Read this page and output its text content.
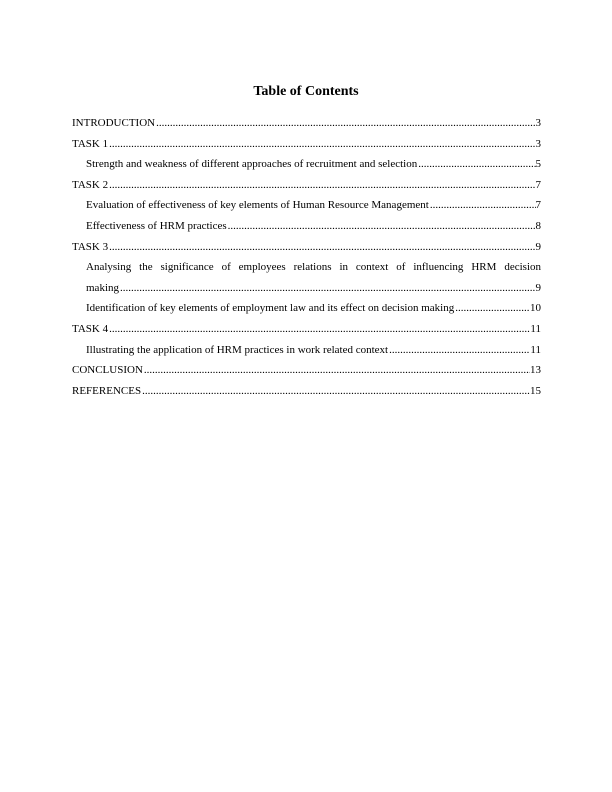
Table of Contents
INTRODUCTION .....	3
TASK 1 .....	3
Strength and weakness of different approaches of recruitment and selection .....	5
TASK 2 .....	7
Evaluation of effectiveness of key elements of Human Resource Management .....	7
Effectiveness of HRM practices .....	8
TASK 3 .....	9
Analysing the significance of employees relations in context of influencing HRM decision
making .....	9
Identification of key elements of employment law and its effect on decision making .....	10
TASK 4 .....	11
Illustrating the application of HRM practices in work related context .....	11
CONCLUSION .....	13
REFERENCES .....	15
